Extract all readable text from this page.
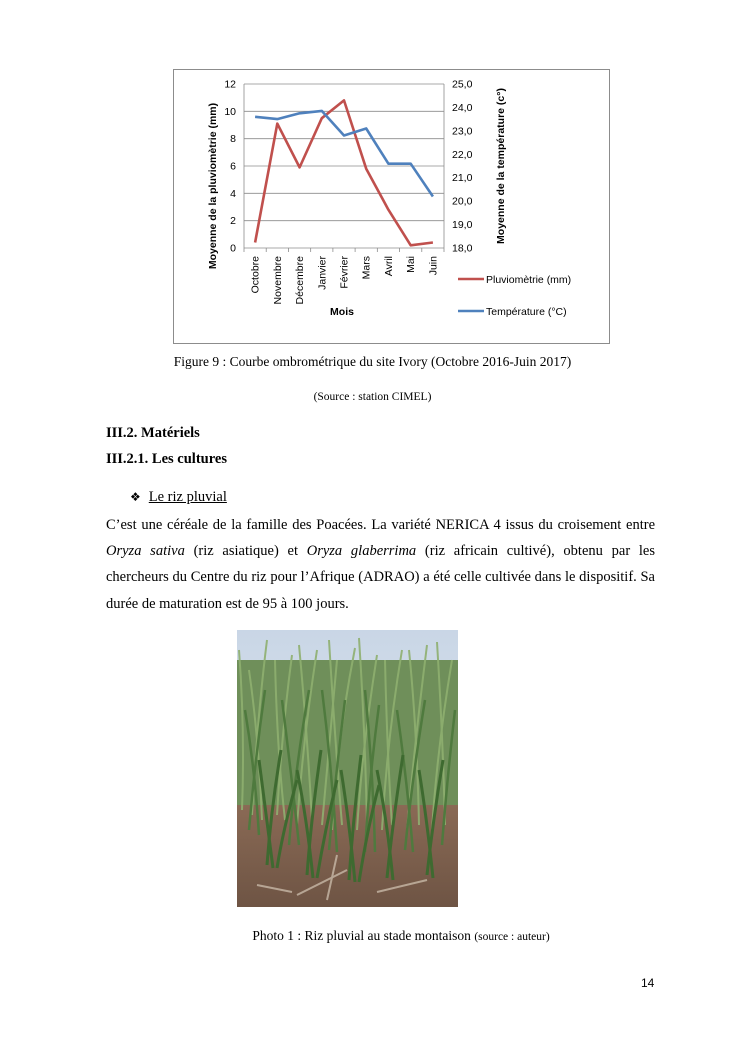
0
2
4
6
8
10
12
18,0
19,0
20,0
21,0
22,0
23,0
24,0
25,0
Octobre Novembre Décembre Janvier Février Mars Avril Mai Juin
Mois
Moyenne de la pluviomètrie (mm)	Moyenne de la température (c°)
Pluviomètrie (mm)
Température (°C)
Figure 9 : Courbe ombrométrique du site Ivory (Octobre 2016-Juin 2017)
(Source : station CIMEL)
III.2. Matériels
III.2.1. Les cultures
❖ Le riz pluvial
C’est une céréale de la famille des Poacées. La variété NERICA 4 issus du croisement entre Oryza sativa (riz asiatique) et Oryza glaberrima (riz africain cultivé), obtenu par les chercheurs du Centre du riz pour l’Afrique (ADRAO) a été celle cultivée dans le dispositif. Sa durée de maturation est de 95 à 100 jours.
Photo 1 : Riz pluvial au stade montaison (source : auteur)
14
